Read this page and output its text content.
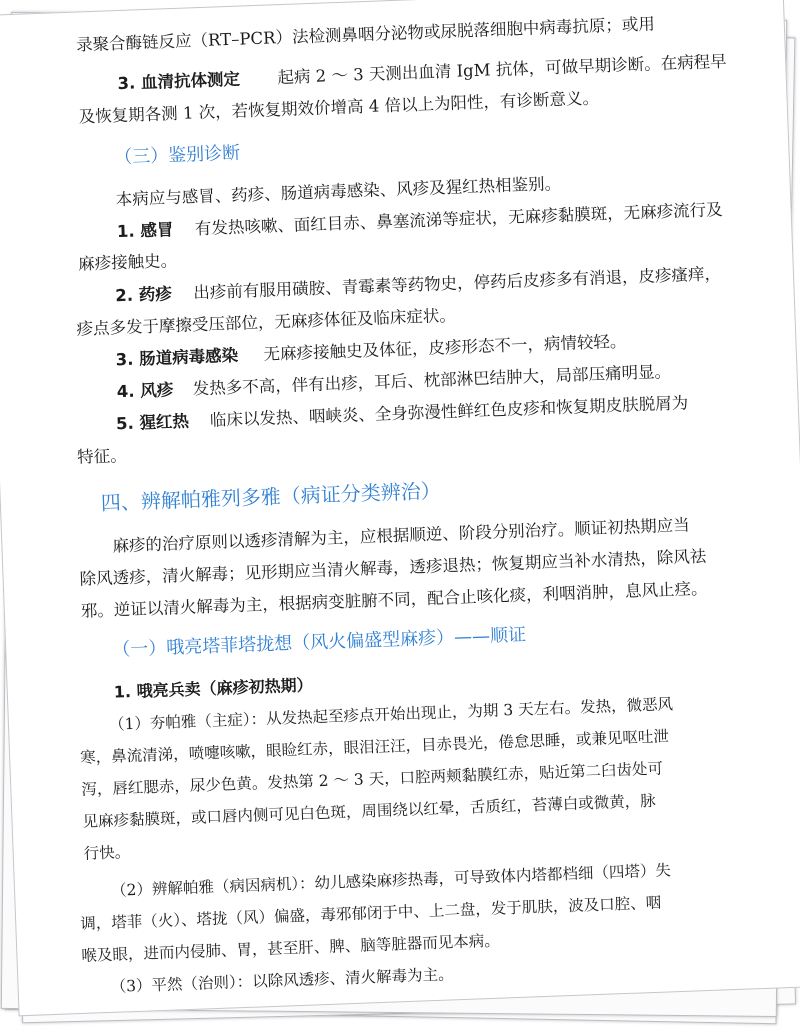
录聚合酶链反应（RT–PCR）法检测鼻咽分泌物或尿脱落细胞中病毒抗原；或用
3. 血清抗体测定 起病 2 ～ 3 天测出血清 IgM 抗体，可做早期诊断。在病程早
及恢复期各测 1 次，若恢复期效价增高 4 倍以上为阳性，有诊断意义。
（三）鉴别诊断
本病应与感冒、药疹、肠道病毒感染、风疹及猩红热相鉴别。
1. 感冒 有发热咳嗽、面红目赤、鼻塞流涕等症状，无麻疹黏膜斑，无麻疹流行及
麻疹接触史。
2. 药疹 出疹前有服用磺胺、青霉素等药物史，停药后皮疹多有消退，皮疹瘙痒，
疹点多发于摩擦受压部位，无麻疹体征及临床症状。
3. 肠道病毒感染 无麻疹接触史及体征，皮疹形态不一，病情较轻。
4. 风疹 发热多不高，伴有出疹，耳后、枕部淋巴结肿大，局部压痛明显。
5. 猩红热 临床以发热、咽峡炎、全身弥漫性鲜红色皮疹和恢复期皮肤脱屑为
特征。
四、辨解帕雅列多雅（病证分类辨治）
麻疹的治疗原则以透疹清解为主，应根据顺逆、阶段分别治疗。顺证初热期应当
除风透疹，清火解毒；见形期应当清火解毒，透疹退热；恢复期应当补水清热，除风祛
邪。逆证以清火解毒为主，根据病变脏腑不同，配合止咳化痰，利咽消肿，息风止痉。
（一）哦亮塔菲塔拢想（风火偏盛型麻疹）——顺证
1. 哦亮兵卖（麻疹初热期）
（1）夯帕雅（主症）：从发热起至疹点开始出现止，为期 3 天左右。发热，微恶风
寒，鼻流清涕，喷嚏咳嗽，眼睑红赤，眼泪汪汪，目赤畏光，倦怠思睡，或兼见呕吐泄
泻，唇红腮赤，尿少色黄。发热第 2 ～ 3 天，口腔两颊黏膜红赤，贴近第二臼齿处可
见麻疹黏膜斑，或口唇内侧可见白色斑，周围绕以红晕，舌质红，苔薄白或微黄，脉
行快。
（2）辨解帕雅（病因病机）：幼儿感染麻疹热毒，可导致体内塔都档细（四塔）失
调，塔菲（火）、塔拢（风）偏盛，毒邪郁闭于中、上二盘，发于肌肤，波及口腔、咽
喉及眼，进而内侵肺、胃，甚至肝、脾、脑等脏器而见本病。
（3）平然（治则）：以除风透疹、清火解毒为主。
